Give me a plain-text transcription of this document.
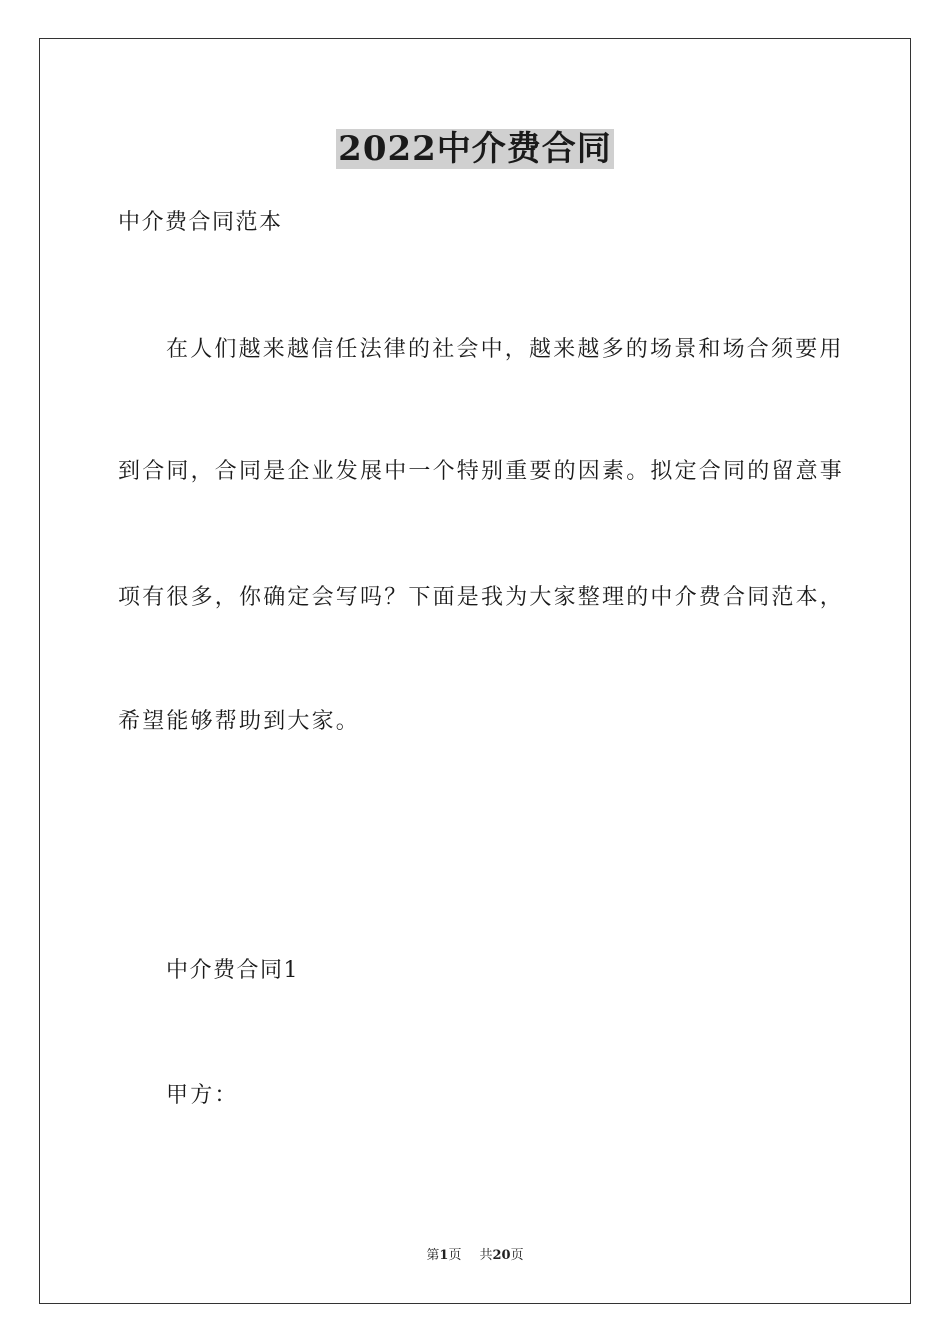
2022中介费合同
中介费合同范本
在人们越来越信任法律的社会中，越来越多的场景和场合须要用
到合同，合同是企业发展中一个特别重要的因素。拟定合同的留意事
项有很多，你确定会写吗？下面是我为大家整理的中介费合同范本，
希望能够帮助到大家。
中介费合同1
甲方：
第1页 共20页
